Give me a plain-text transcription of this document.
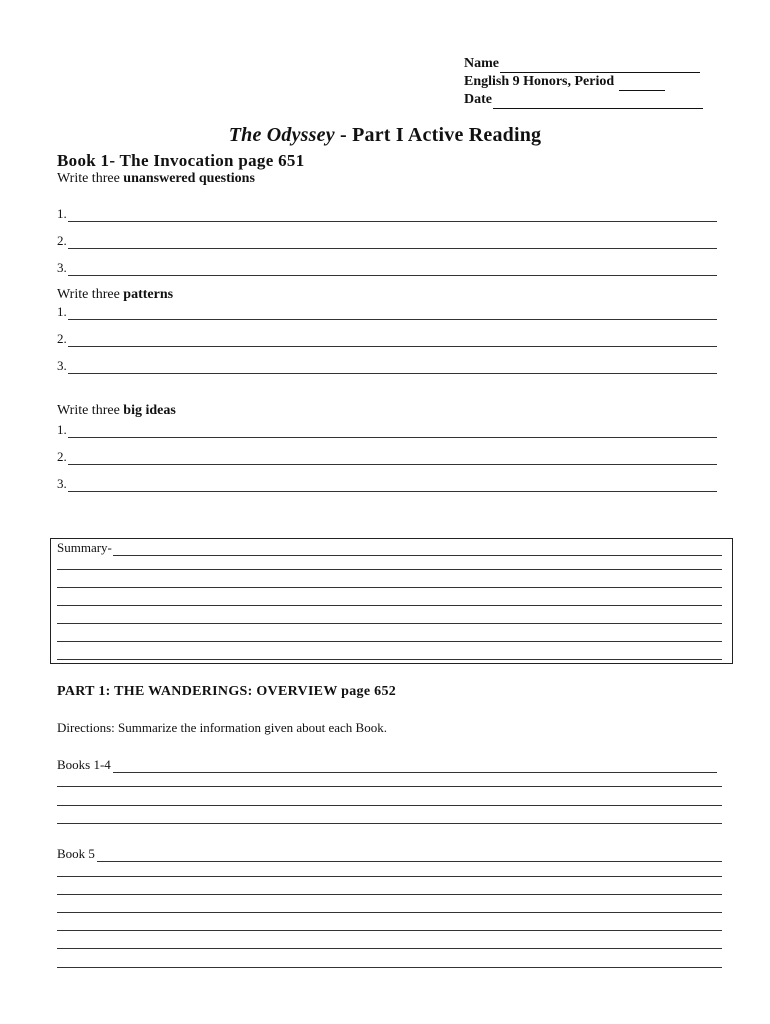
Name
English 9 Honors, Period
Date
The Odyssey - Part I Active Reading
Book 1- The Invocation page 651
Write three unanswered questions
1.
2.
3.
Write three patterns
1.
2.
3.
Write three big ideas
1.
2.
3.
Summary-
PART 1: THE WANDERINGS: OVERVIEW page 652
Directions: Summarize the information given about each Book.
Books 1-4
Book 5
